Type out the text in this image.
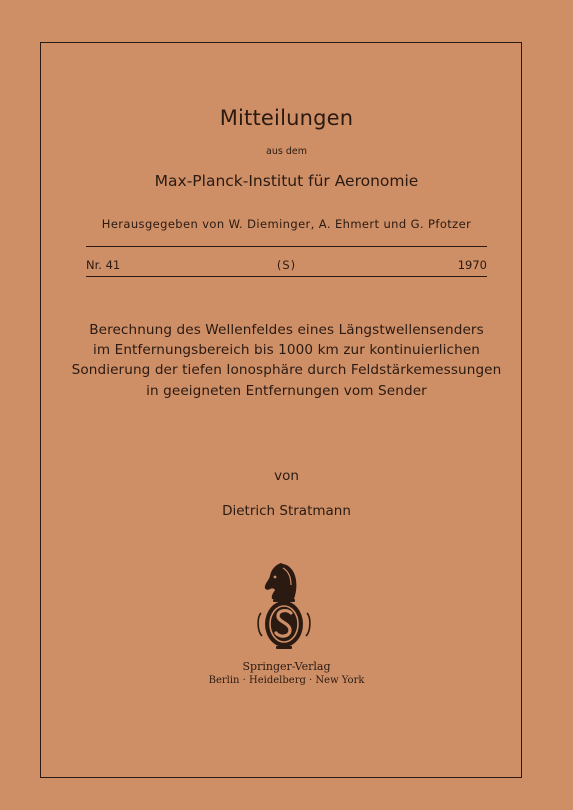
Mitteilungen
aus dem
Max-Planck-Institut für Aeronomie
Herausgegeben von W. Dieminger, A. Ehmert und G. Pfotzer
Nr. 41	(S)	1970
Berechnung des Wellenfeldes eines Längstwellensenders
im Entfernungsbereich bis 1000 km zur kontinuierlichen
Sondierung der tiefen Ionosphäre durch Feldstärkemessungen
in geeigneten Entfernungen vom Sender
von
Dietrich Stratmann
Springer-Verlag
Berlin · Heidelberg · New York
